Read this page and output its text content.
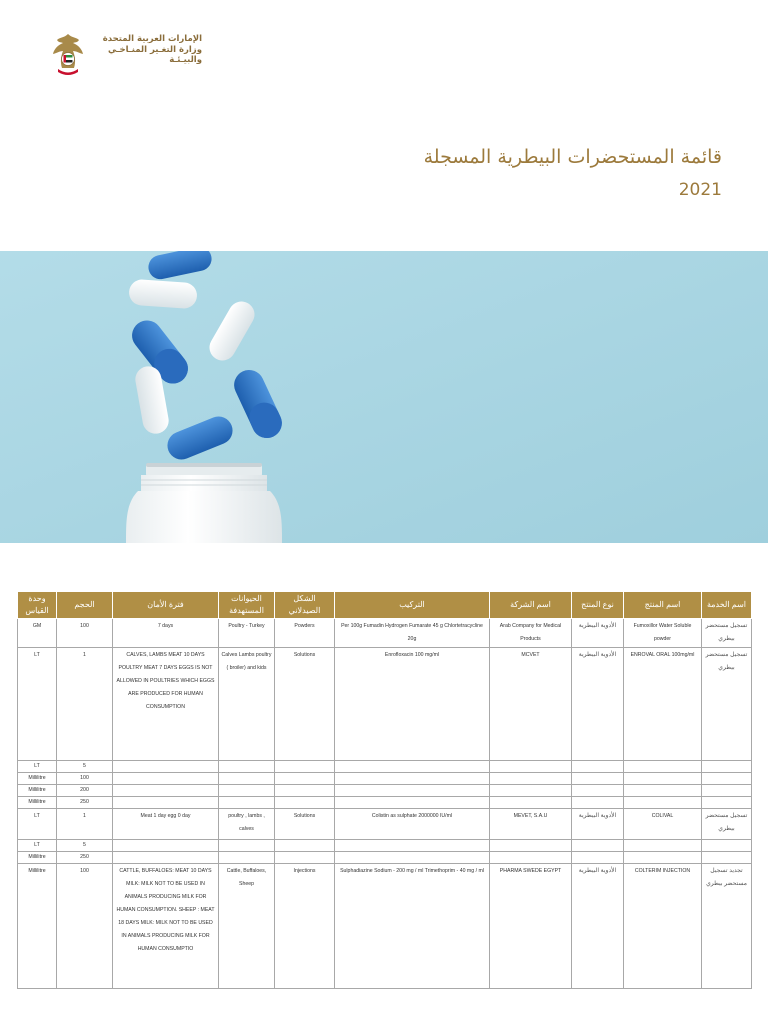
الإمارات العربية المتحدة
وزارة التغـير المنـاخـي
والبيـئـة
قائمة المستحضرات البيطرية المسجلة
2021
اسم الخدمة	اسم المنتج	نوع المنتج	اسم الشركة	التركيب	الشكل الصيدلاني	الحيوانات المستهدفة	فترة الأمان	الحجم	وحدة القياس
تسجيل مستحضر بيطري	Fumoxillor Water Soluble powder	الأدوية البيطرية	Arab Company for Medical Products	Per 100g Fumadin Hydrogen Fumarate 45 g Chlortetracycline 20g	Powders	Poultry - Turkey	7 days	100	GM
تسجيل مستحضر بيطري	ENROVAL ORAL 100mg/ml	الأدوية البيطرية	MCVET	Enrofloxacin 100 mg/ml	Solutions	Calves Lambs poultry ( broiler) and kids	CALVES, LAMBS MEAT 10 DAYS POULTRY MEAT 7 DAYS EGGS IS NOT ALLOWED IN POULTRIES WHICH EGGS ARE PRODUCED FOR HUMAN CONSUMPTION	1	LT
								5	LT
								100	Millilitre
								200	Millilitre
								250	Millilitre
تسجيل مستحضر بيطري	COLIVAL	الأدوية البيطرية	MEVET, S.A.U	Colistin as sulphate 2000000 IU/ml	Solutions	poultry , lambs , calves	Meat 1 day egg 0 day	1	LT
								5	LT
								250	Millilitre
تجديد تسجيل مستحضر بيطري	COLTERIM INJECTION	الأدوية البيطرية	PHARMA SWEDE EGYPT	Sulphadiazine Sodium - 200 mg / ml Trimethoprim - 40 mg / ml	Injections	Cattle, Buffaloes, Sheep	CATTLE, BUFFALOES: MEAT 10 DAYS MILK: MILK NOT TO BE USED IN ANIMALS PRODUCING MILK FOR HUMAN CONSUMPTION. SHEEP : MEAT 18 DAYS MILK: MILK NOT TO BE USED IN ANIMALS PRODUCING MILK FOR HUMAN CONSUMPTIO	100	Millilitre
